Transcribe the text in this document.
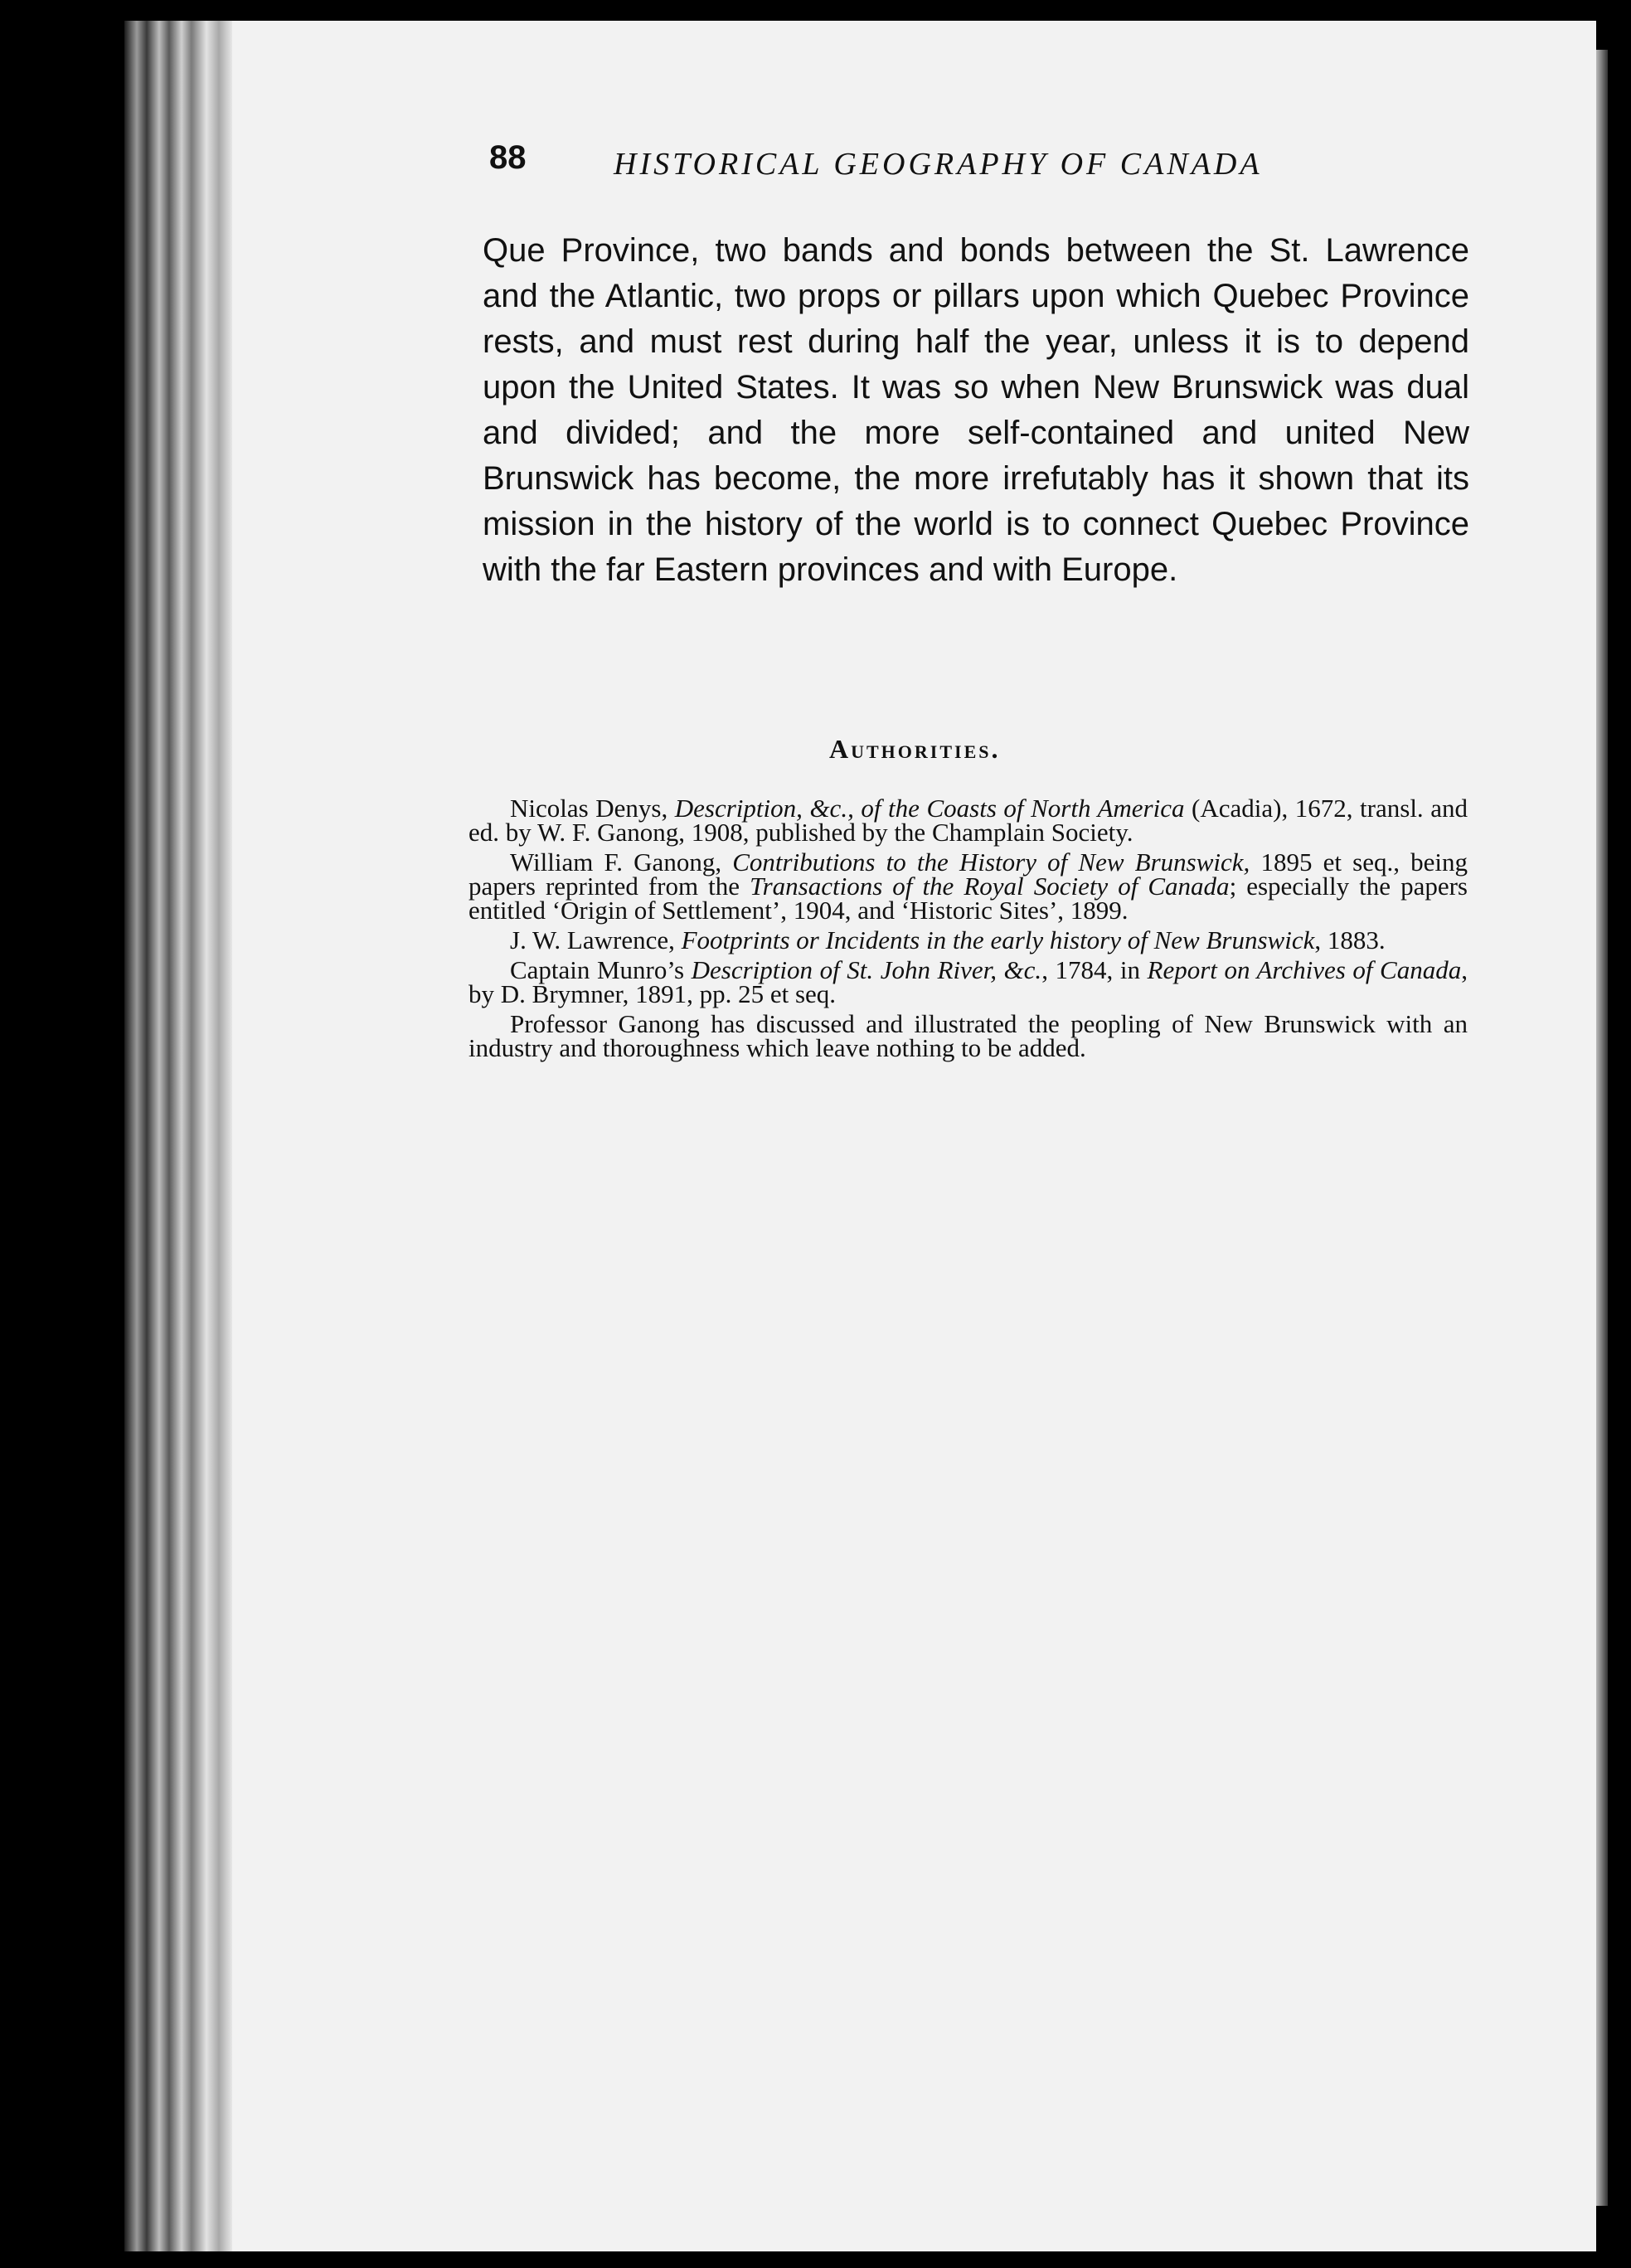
88	HISTORICAL GEOGRAPHY OF CANADA

Que Province, two bands and bonds between the St. Lawrence and the Atlantic, two props or pillars upon which Quebec Province rests, and must rest during half the year, unless it is to depend upon the United States. It was so when New Brunswick was dual and divided; and the more self-contained and united New Brunswick has become, the more irrefutably has it shown that its mission in the history of the world is to connect Quebec Province with the far Eastern provinces and with Europe.

Authorities.

Nicolas Denys, Description, &c., of the Coasts of North America (Acadia), 1672, transl. and ed. by W. F. Ganong, 1908, published by the Champlain Society.

William F. Ganong, Contributions to the History of New Brunswick, 1895 et seq., being papers reprinted from the Transactions of the Royal Society of Canada; especially the papers entitled ‘Origin of Settlement’, 1904, and ‘Historic Sites’, 1899.

J. W. Lawrence, Footprints or Incidents in the early history of New Brunswick, 1883.

Captain Munro’s Description of St. John River, &c., 1784, in Report on Archives of Canada, by D. Brymner, 1891, pp. 25 et seq.

Professor Ganong has discussed and illustrated the peopling of New Brunswick with an industry and thoroughness which leave nothing to be added.
